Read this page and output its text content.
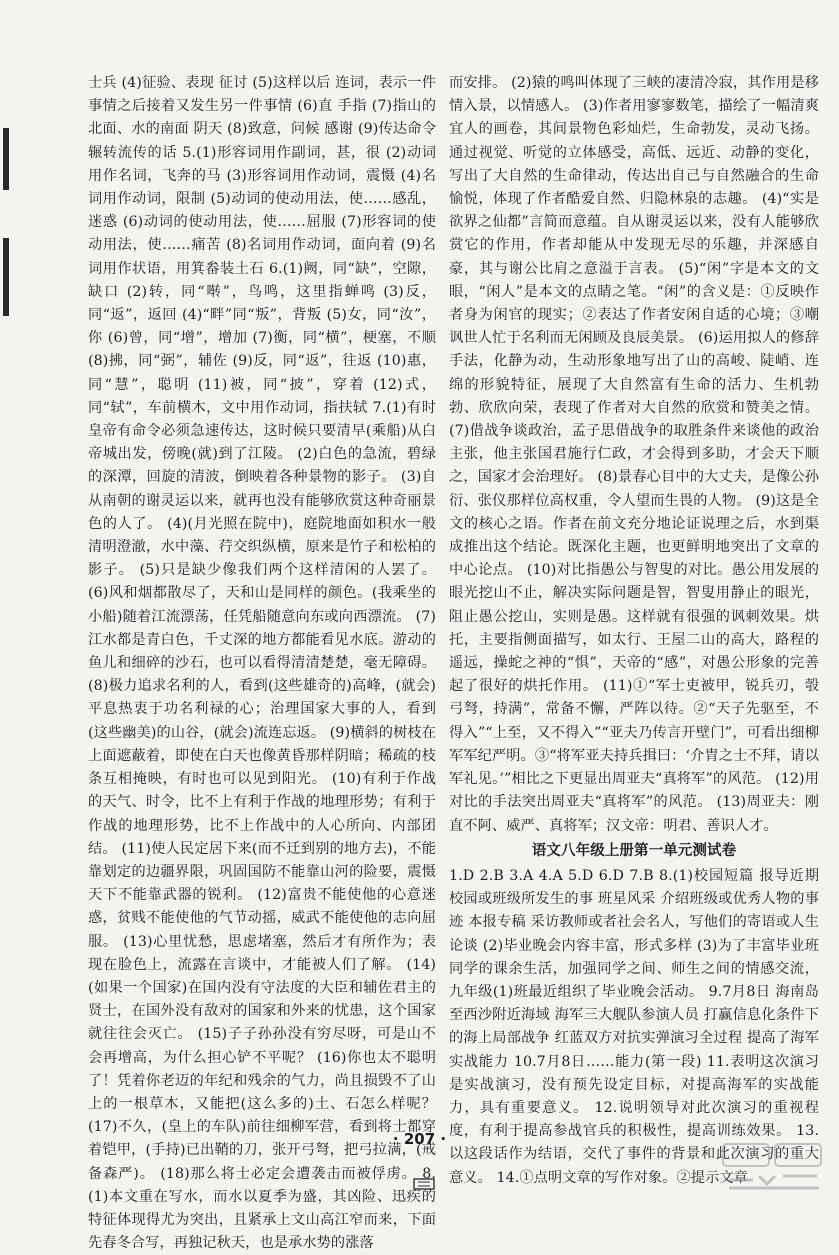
士兵 (4)征验、表现 征讨 (5)这样以后 连词，表示一件事情之后接着又发生另一件事情 (6)直 手指 (7)指山的北面、水的南面 阴天 (8)致意，问候 感谢 (9)传达命令 辗转流传的话 5.(1)形容词用作副词，甚，很 (2)动词用作名词，飞奔的马 (3)形容词用作动词，震慑 (4)名词用作动词，限制 (5)动词的使动用法，使……感乱，迷惑 (6)动词的使动用法，使……屈服 (7)形容词的使动用法，使……痛苦 (8)名词用作动词，面向着 (9)名词用作状语，用箕畚装土石 6.(1)阙，同“缺”，空隙，缺口 (2)转，同“啭”，鸟鸣，这里指蝉鸣 (3)反，同“返”，返回 (4)“畔”同“叛”，背叛 (5)女，同“汝”，你 (6)曾，同“增”，增加 (7)衡，同“横”，梗塞，不顺 (8)拂，同“弼”，辅佐 (9)反，同“返”，往返 (10)惠，同“慧”，聪明 (11)被，同“披”，穿着 (12)式，同“轼”，车前横木，文中用作动词，指扶轼 7.(1)有时皇帝有命令必须急速传达，这时候只要清早(乘船)从白帝城出发，傍晚(就)到了江陵。 (2)白色的急流，碧绿的深潭，回旋的清波，倒映着各种景物的影子。 (3)自从南朝的谢灵运以来，就再也没有能够欣赏这种奇丽景色的人了。 (4)(月光照在院中)，庭院地面如积水一般清明澄澈，水中藻、荇交织纵横，原来是竹子和松柏的影子。 (5)只是缺少像我们两个这样清闲的人罢了。 (6)风和烟都散尽了，天和山是同样的颜色。(我乘坐的小船)随着江流漂荡，任凭船随意向东或向西漂流。 (7)江水都是青白色，千丈深的地方都能看见水底。游动的鱼儿和细碎的沙石，也可以看得清清楚楚，毫无障碍。 (8)极力追求名利的人，看到(这些雄奇的)高峰，(就会)平息热衷于功名利禄的心；治理国家大事的人，看到(这些幽美)的山谷，(就会)流连忘返。 (9)横斜的树枝在上面遮蔽着，即使在白天也像黄昏那样阴暗；稀疏的枝条互相掩映，有时也可以见到阳光。 (10)有利于作战的天气、时令，比不上有利于作战的地理形势；有利于作战的地理形势，比不上作战中的人心所向、内部团结。 (11)使人民定居下来(而不迁到别的地方去)，不能靠划定的边疆界限，巩固国防不能靠山河的险要，震慑天下不能靠武器的锐利。 (12)富贵不能使他的心意迷惑，贫贱不能使他的气节动摇，威武不能使他的志向屈服。 (13)心里忧愁，思虑堵塞，然后才有所作为；表现在脸色上，流露在言谈中，才能被人们了解。 (14)(如果一个国家)在国内没有守法度的大臣和辅佐君主的贤士，在国外没有敌对的国家和外来的忧患，这个国家就往往会灭亡。 (15)子子孙孙没有穷尽呀，可是山不会再增高，为什么担心铲不平呢？ (16)你也太不聪明了！凭着你老迈的年纪和残余的气力，尚且损毁不了山上的一根草木，又能把(这么多的)土、石怎么样呢？ (17)不久，(皇上的车队)前往细柳军营，看到将士都穿着铠甲，(手持)已出鞘的刀，张开弓弩，把弓拉满，(戒备森严)。 (18)那么将士必定会遭袭击而被俘虏。 8.(1)本文重在写水，而水以夏季为盛，其凶险、迅疾的特征体现得尤为突出，且紧承上文山高江窄而来，下面先春冬合写，再独记秋天，也是承水势的涨落

而安排。 (2)猿的鸣叫体现了三峡的凄清冷寂，其作用是移情入景，以情感人。 (3)作者用寥寥数笔，描绘了一幅清爽宜人的画卷，其间景物色彩灿烂，生命勃发，灵动飞扬。通过视觉、听觉的立体感受，高低、远近、动静的变化，写出了大自然的生命律动，传达出自己与自然融合的生命愉悦，体现了作者酷爱自然、归隐林泉的志趣。 (4)“实是欲界之仙都”言简而意蕴。自从谢灵运以来，没有人能够欣赏它的作用，作者却能从中发现无尽的乐趣，并深感自豪，其与谢公比肩之意溢于言表。 (5)“闲”字是本文的文眼，“闲人”是本文的点睛之笔。“闲”的含义是：①反映作者身为闲官的现实；②表达了作者安闲自适的心境；③嘲讽世人忙于名利而无闲顾及良辰美景。 (6)运用拟人的修辞手法，化静为动，生动形象地写出了山的高峻、陡峭、连绵的形貌特征，展现了大自然富有生命的活力、生机勃勃、欣欣向荣，表现了作者对大自然的欣赏和赞美之情。 (7)借战争谈政治，孟子思借战争的取胜条件来谈他的政治主张，他主张国君施行仁政，才会得到多助，才会天下顺之，国家才会治理好。 (8)景春心目中的大丈夫，是像公孙衍、张仪那样位高权重，令人望而生畏的人物。 (9)这是全文的核心之语。作者在前文充分地论证说理之后，水到渠成推出这个结论。既深化主题，也更鲜明地突出了文章的中心论点。 (10)对比指愚公与智叟的对比。愚公用发展的眼光挖山不止，解决实际问题是智，智叟用静止的眼光，阻止愚公挖山，实则是愚。这样就有很强的讽刺效果。烘托，主要指侧面描写，如太行、王屋二山的高大，路程的遥远，操蛇之神的“惧”，天帝的“感”，对愚公形象的完善起了很好的烘托作用。 (11)①“军士吏被甲，锐兵刃，彀弓弩，持满”，常备不懈，严阵以待。②“天子先驱至，不得入”“上至，又不得入”“亚夫乃传言开壁门”，可看出细柳军军纪严明。③“将军亚夫持兵揖曰：‘介胄之士不拜，请以军礼见。’”相比之下更显出周亚夫“真将军”的风范。 (12)用对比的手法突出周亚夫“真将军”的风范。 (13)周亚夫：刚直不阿、威严、真将军；汉文帝：明君、善识人才。

语文八年级上册第一单元测试卷

1.D 2.B 3.A 4.A 5.D 6.D 7.B 8.(1)校园短篇 报导近期校园或班级所发生的事 班星风采 介绍班级或优秀人物的事迹 本报专稿 采访教师或者社会名人，写他们的寄语或人生论谈 (2)毕业晚会内容丰富，形式多样 (3)为了丰富毕业班同学的课余生活，加强同学之间、师生之间的情感交流，九年级(1)班最近组织了毕业晚会活动。 9.7月8日 海南岛至西沙附近海域 海军三大舰队参演人员 打赢信息化条件下的海上局部战争 红蓝双方对抗实弹演习全过程 提高了海军实战能力 10.7月8日……能力(第一段) 11.表明这次演习是实战演习，没有预先设定目标，对提高海军的实战能力，具有重要意义。 12.说明领导对此次演习的重视程度，有利于提高参战官兵的积极性，提高训练效果。 13.以这段话作为结语，交代了事件的背景和此次演习的重大意义。 14.①点明文章的写作对象。②提示文章

· 207 ·
